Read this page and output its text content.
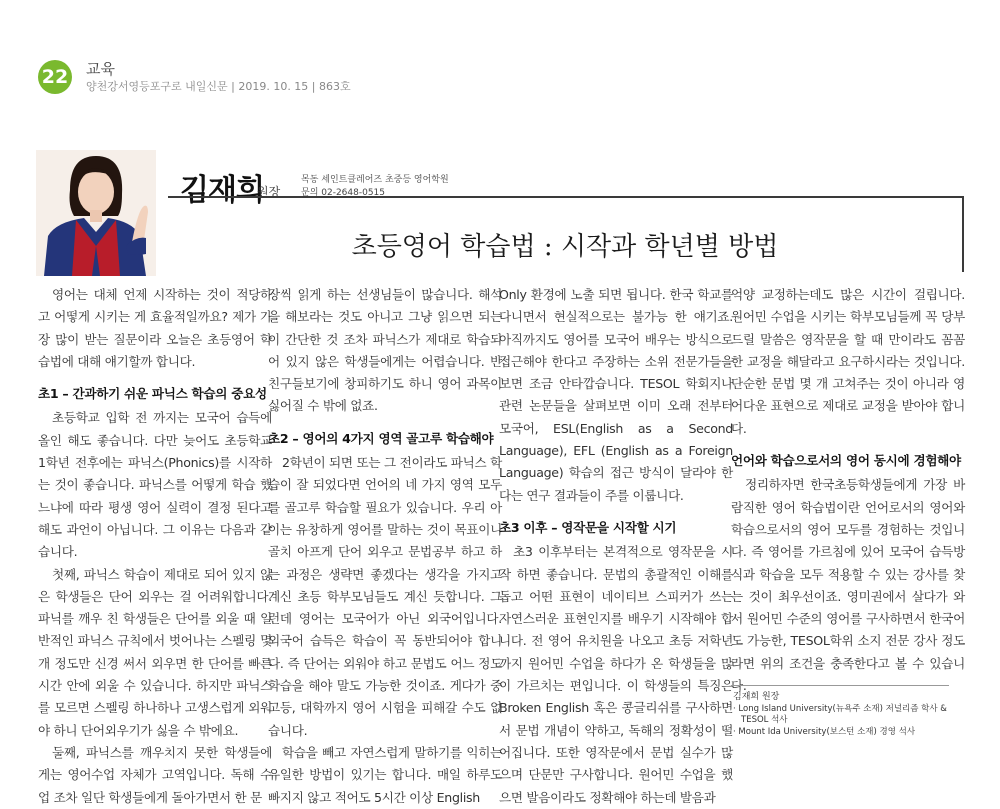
22 교육
양천강서영등포구로 내일신문 | 2019. 10. 15 | 863호
김재희
원장
목동 세인트클레어즈 초중등 영어학원
문의 02-2648-0515
초등영어 학습법 : 시작과 학년별 방법

영어는 대체 언제 시작하는 것이 적당하고 어떻게 시키는 게 효율적일까요? 제가 가장 많이 받는 질문이라 오늘은 초등영어 학습법에 대해 얘기할까 합니다.

초1 – 간과하기 쉬운 파닉스 학습의 중요성

초등학교 입학 전 까지는 모국어 습득에 올인 해도 좋습니다. 다만 늦어도 초등학교 1학년 전후에는 파닉스(Phonics)를 시작하는 것이 좋습니다. 파닉스를 어떻게 학습 했느냐에 따라 평생 영어 실력이 결정 된다고 해도 과언이 아닙니다. 그 이유는 다음과 같습니다.

첫째, 파닉스 학습이 제대로 되어 있지 않은 학생들은 단어 외우는 걸 어려워합니다. 파닉를 깨우 친 학생들은 단어를 외울 때 일반적인 파닉스 규칙에서 벗어나는 스펠링 몇 개 정도만 신경 써서 외우면 한 단어를 빠른 시간 안에 외울 수 있습니다. 하지만 파닉스를 모르면 스펠링 하나하나 고생스럽게 외워야 하니 단어외우기가 싫을 수 밖에요.

둘째, 파닉스를 깨우치지 못한 학생들에게는 영어수업 자체가 고역입니다. 독해 수업 조차 일단 학생들에게 돌아가면서 한 문

장씩 읽게 하는 선생님들이 많습니다. 해석을 해보라는 것도 아니고 그냥 읽으면 되는 이 간단한 것 조차 파닉스가 제대로 학습되어 있지 않은 학생들에게는 어렵습니다. 반 친구들보기에 창피하기도 하니 영어 과목이 싫어질 수 밖에 없죠.

초2 – 영어의 4가지 영역 골고루 학습해야

2학년이 되면 또는 그 전이라도 파닉스 학습이 잘 되었다면 언어의 네 가지 영역 모두를 골고루 학습할 필요가 있습니다. 우리 아이는 유창하게 영어를 말하는 것이 목표이니 골치 아프게 단어 외우고 문법공부 하고 하는 과정은 생략면 좋겠다는 생각을 가지고 계신 초등 학부모님들도 계신 듯합니다. 그런데 영어는 모국어가 아닌 외국어입니다. 외국어 습득은 학습이 꼭 동반되어야 합니다. 즉 단어는 외워야 하고 문법도 어느 정도 학습을 해야 말도 가능한 것이죠. 게다가 중고등, 대학까지 영어 시험을 피해갈 수도 없습니다.

학습을 빼고 자연스럽게 말하기를 익히는 유일한 방법이 있기는 합니다. 매일 하루도 빠지지 않고 적어도 5시간 이상 English

Only 환경에 노출 되면 됩니다. 한국 학교를 다니면서 현실적으로는 불가능 한 얘기죠. 아직까지도 영어를 모국어 배우는 방식으로 접근해야 한다고 주장하는 소위 전문가들을 보면 조금 안타깝습니다. TESOL 학회지나 관련 논문들을 살펴보면 이미 오래 전부터 모국어, ESL(English as a Second Language), EFL (English as a Foreign Language) 학습의 접근 방식이 달라야 한다는 연구 결과들이 주를 이룹니다.

초3 이후 – 영작문을 시작할 시기

초3 이후부터는 본격적으로 영작문을 시작 하면 좋습니다. 문법의 총괄적인 이해를 돕고 어떤 표현이 네이티브 스피커가 쓰는 자연스러운 표현인지를 배우기 시작해야 합니다. 전 영어 유치원을 나오고 초등 저학년까지 원어민 수업을 하다가 온 학생들을 많이 가르치는 편입니다. 이 학생들의 특징은 Broken English 혹은 콩글리쉬를 구사하면서 문법 개념이 약하고, 독해의 정확성이 떨어집니다. 또한 영작문에서 문법 실수가 많으며 단문만 구사합니다. 원어민 수업을 했으면 발음이라도 정확해야 하는데 발음과

억양 교정하는데도 많은 시간이 걸립니다. 원어민 수업을 시키는 학부모님들께 꼭 당부드릴 말씀은 영작문을 할 때 만이라도 꼼꼼한 교정을 해달라고 요구하시라는 것입니다. 단순한 문법 몇 개 고쳐주는 것이 아니라 영어다운 표현으로 제대로 교정을 받아야 합니다.

언어와 학습으로서의 영어 동시에 경험해야

정리하자면 한국초등학생들에게 가장 바람직한 영어 학습법이란 언어로서의 영어와 학습으로서의 영어 모두를 경험하는 것입니다. 즉 영어를 가르침에 있어 모국어 습득방식과 학습을 모두 적용할 수 있는 강사를 찾는 것이 최우선이죠. 영미권에서 살다가 와서 원어민 수준의 영어를 구사하면서 한국어도 가능한, TESOL학위 소지 전문 강사 정도라면 위의 조건을 충족한다고 볼 수 있습니다.

김재희 원장
· Long Island University(뉴욕주 소재) 저널리즘 학사 &
TESOL 석사
· Mount Ida University(보스턴 소재) 경영 석사
